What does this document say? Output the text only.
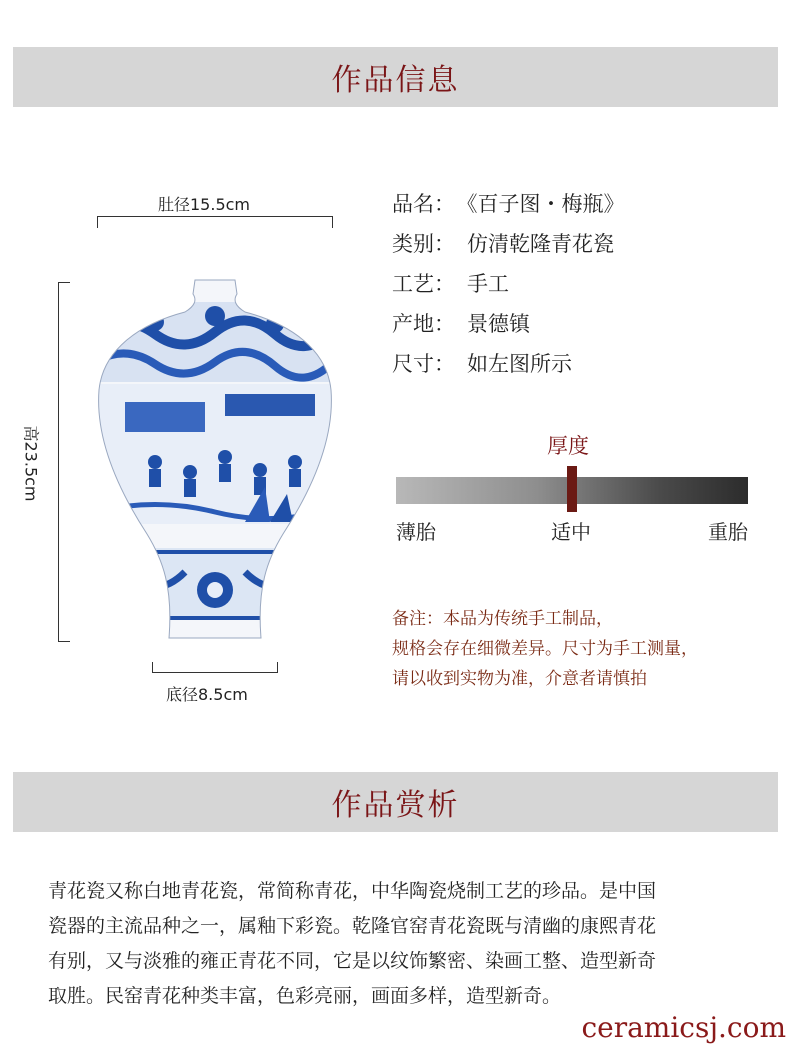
作品信息
肚径15.5cm
高23.5cm
底径8.5cm
品名： 《百子图・梅瓶》
类别： 仿清乾隆青花瓷
工艺： 手工
产地： 景德镇
尺寸： 如左图所示
厚度
薄胎	适中	重胎
备注：本品为传统手工制品，
规格会存在细微差异。尺寸为手工测量，
请以收到实物为准，介意者请慎拍
作品赏析
青花瓷又称白地青花瓷，常简称青花，中华陶瓷烧制工艺的珍品。是中国
瓷器的主流品种之一，属釉下彩瓷。乾隆官窑青花瓷既与清幽的康熙青花
有别，又与淡雅的雍正青花不同，它是以纹饰繁密、染画工整、造型新奇
取胜。民窑青花种类丰富，色彩亮丽，画面多样，造型新奇。
ceramicsj.com
